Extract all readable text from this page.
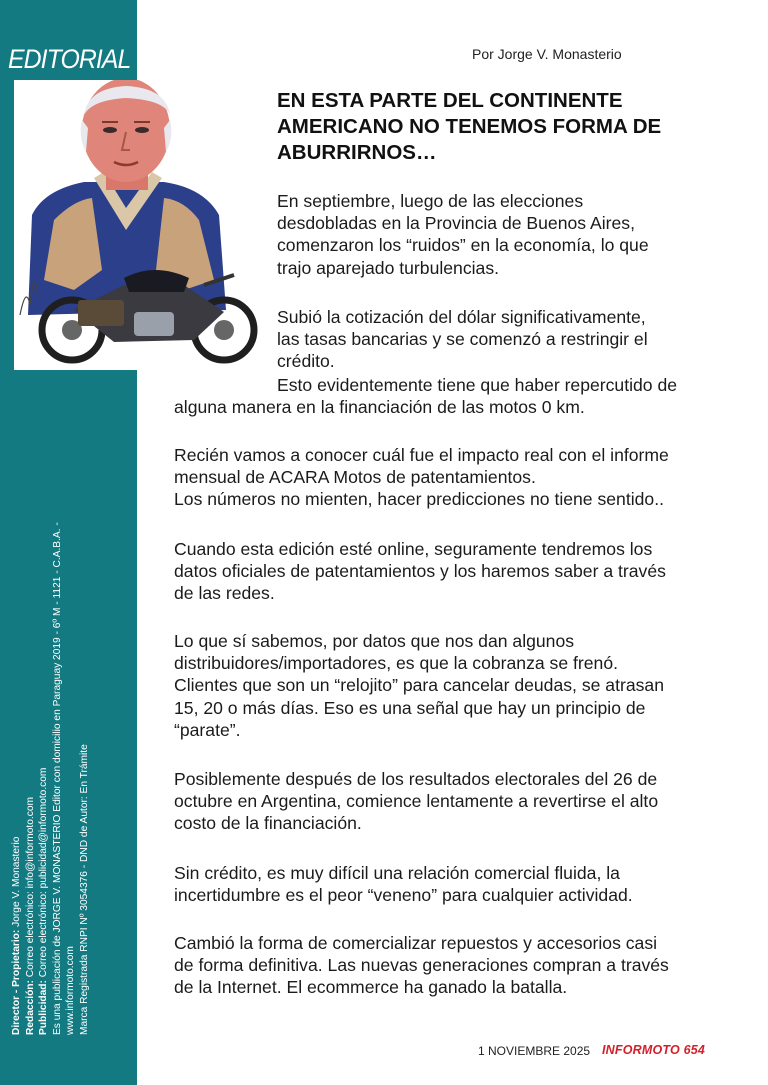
EDITORIAL
Director - Propietario: Jorge V. Monasterio
Redacción: Correo electrónico: info@informoto.com
Publicidad: Correo electrónico: publicidad@informoto.com Es una publicación de JORGE V. MONASTERIO Editor con domicilio en Paraguay 2019 - 6º M - 1121 - C.A.B.A. - www.informoto.com Marca Registrada RNPI Nº 3054376 - DND de Autor: En Trámite
Por Jorge V. Monasterio
EN ESTA PARTE DEL CONTINENTE
AMERICANO NO TENEMOS FORMA DE
ABURRIRNOS…
En septiembre, luego de las elecciones
desdobladas en la Provincia de Buenos Aires,
comenzaron los “ruidos” en la economía, lo que
trajo aparejado turbulencias.
Subió la cotización del dólar significativamente,
las tasas bancarias y se comenzó a restringir el
crédito.
Esto evidentemente tiene que haber repercutido de
alguna manera en la financiación de las motos 0 km.
Recién vamos a conocer cuál fue el impacto real con el informe
mensual de ACARA Motos de patentamientos.
Los números no mienten, hacer predicciones no tiene sentido..
Cuando esta edición esté online, seguramente tendremos los
datos oficiales de patentamientos y los haremos saber a través
de las redes.
Lo que sí sabemos, por datos que nos dan algunos
distribuidores/importadores, es que la cobranza se frenó.
Clientes que son un “relojito” para cancelar deudas, se atrasan
15, 20 o más días. Eso es una señal que hay un principio de
“parate”.
Posiblemente después de los resultados electorales del 26 de
octubre en Argentina, comience lentamente a revertirse el alto
costo de la financiación.
Sin crédito, es muy difícil una relación comercial fluida, la
incertidumbre es el peor “veneno” para cualquier actividad.
Cambió la forma de comercializar repuestos y accesorios casi
de forma definitiva. Las nuevas generaciones compran a través
de la Internet. El ecommerce ha ganado la batalla.
1 NOVIEMBRE 2025 INFORMOTO 654
